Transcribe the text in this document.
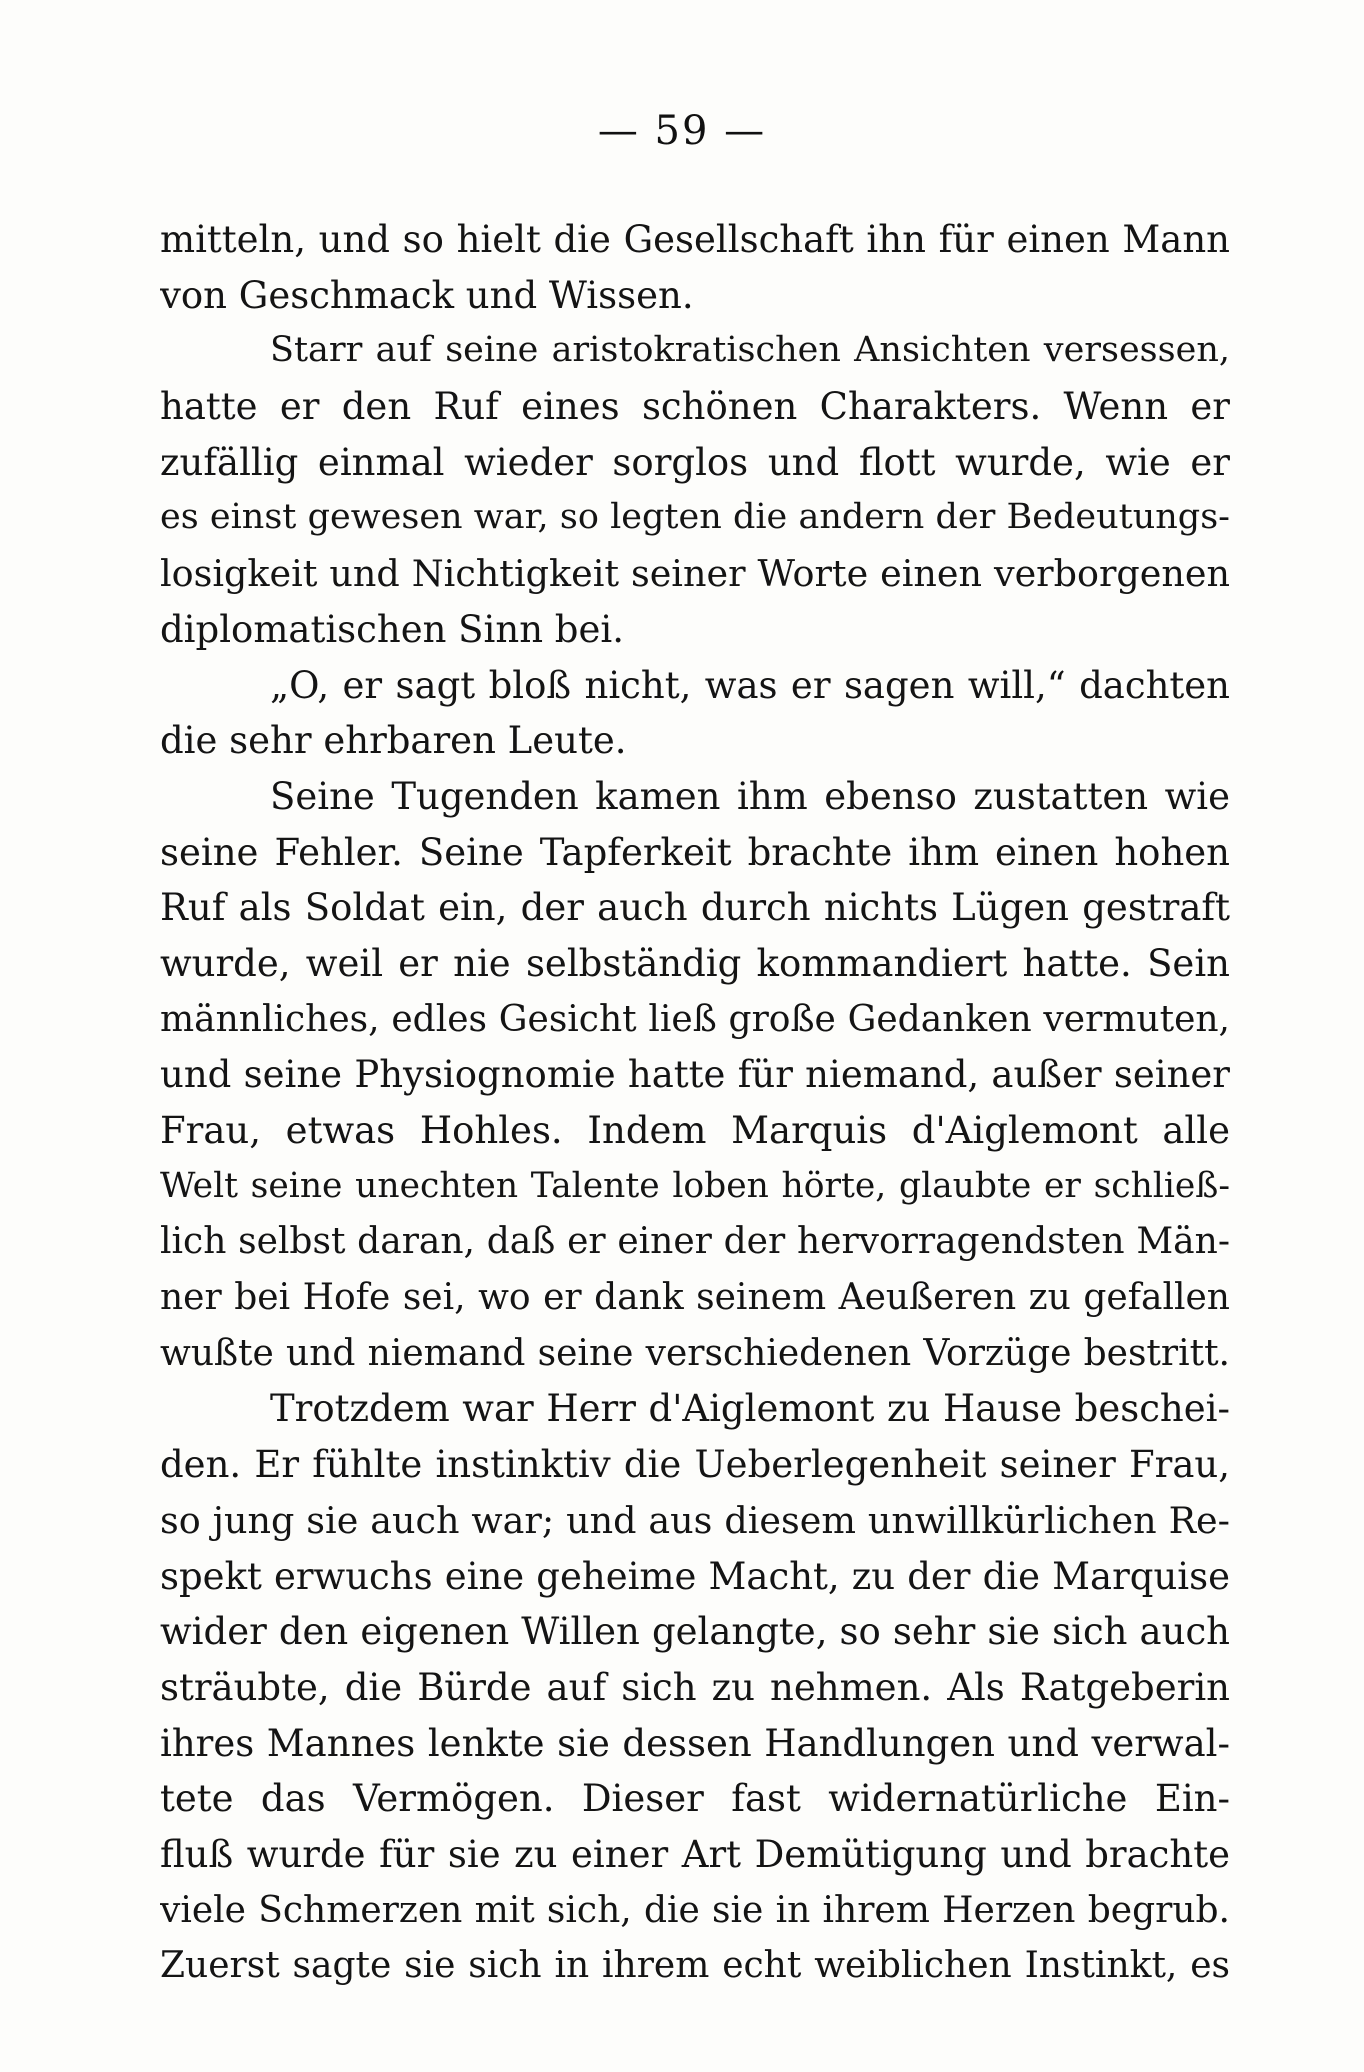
— 59 —
mitteln, und so hielt die Gesellschaft ihn für einen Mann
von Geschmack und Wissen.
Starr auf seine aristokratischen Ansichten versessen,
hatte er den Ruf eines schönen Charakters. Wenn er
zufällig einmal wieder sorglos und flott wurde, wie er
es einst gewesen war, so legten die andern der Bedeutungs-
losigkeit und Nichtigkeit seiner Worte einen verborgenen
diplomatischen Sinn bei.
„O, er sagt bloß nicht, was er sagen will,“ dachten
die sehr ehrbaren Leute.
Seine Tugenden kamen ihm ebenso zustatten wie
seine Fehler. Seine Tapferkeit brachte ihm einen hohen
Ruf als Soldat ein, der auch durch nichts Lügen gestraft
wurde, weil er nie selbständig kommandiert hatte. Sein
männliches, edles Gesicht ließ große Gedanken vermuten,
und seine Physiognomie hatte für niemand, außer seiner
Frau, etwas Hohles. Indem Marquis d'Aiglemont alle
Welt seine unechten Talente loben hörte, glaubte er schließ-
lich selbst daran, daß er einer der hervorragendsten Män-
ner bei Hofe sei, wo er dank seinem Aeußeren zu gefallen
wußte und niemand seine verschiedenen Vorzüge bestritt.
Trotzdem war Herr d'Aiglemont zu Hause beschei-
den. Er fühlte instinktiv die Ueberlegenheit seiner Frau,
so jung sie auch war; und aus diesem unwillkürlichen Re-
spekt erwuchs eine geheime Macht, zu der die Marquise
wider den eigenen Willen gelangte, so sehr sie sich auch
sträubte, die Bürde auf sich zu nehmen. Als Ratgeberin
ihres Mannes lenkte sie dessen Handlungen und verwal-
tete das Vermögen. Dieser fast widernatürliche Ein-
fluß wurde für sie zu einer Art Demütigung und brachte
viele Schmerzen mit sich, die sie in ihrem Herzen begrub.
Zuerst sagte sie sich in ihrem echt weiblichen Instinkt, es
